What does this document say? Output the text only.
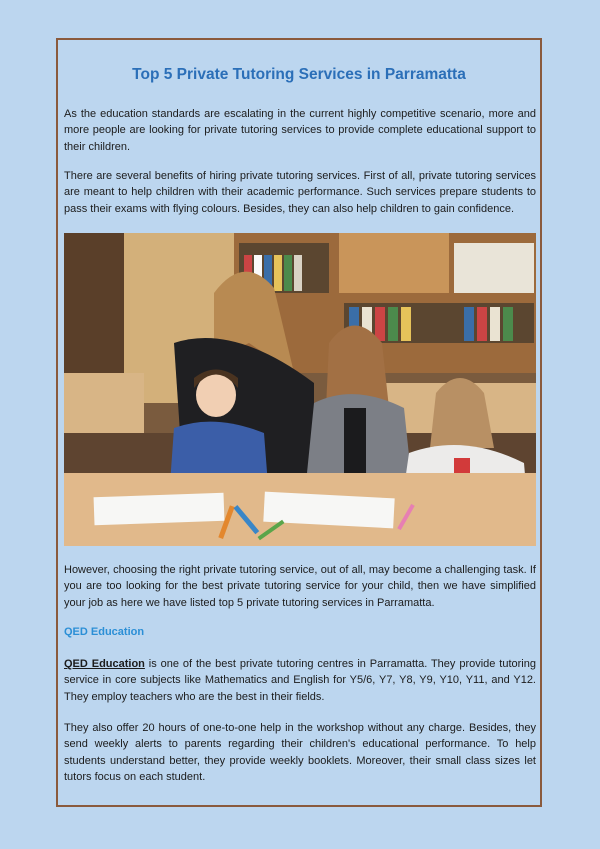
Top 5 Private Tutoring Services in Parramatta

As the education standards are escalating in the current highly competitive scenario, more and more people are looking for private tutoring services to provide complete educational support to their children.

There are several benefits of hiring private tutoring services. First of all, private tutoring services are meant to help children with their academic performance. Such services prepare students to pass their exams with flying colours. Besides, they can also help children to gain confidence.

However, choosing the right private tutoring service, out of all, may become a challenging task. If you are too looking for the best private tutoring service for your child, then we have simplified your job as here we have listed top 5 private tutoring services in Parramatta.

QED Education

QED Education is one of the best private tutoring centres in Parramatta. They provide tutoring service in core subjects like Mathematics and English for Y5/6, Y7, Y8, Y9, Y10, Y11, and Y12. They employ teachers who are the best in their fields.

They also offer 20 hours of one-to-one help in the workshop without any charge. Besides, they send weekly alerts to parents regarding their children's educational performance. To help students understand better, they provide weekly booklets. Moreover, their small class sizes let tutors focus on each student.
